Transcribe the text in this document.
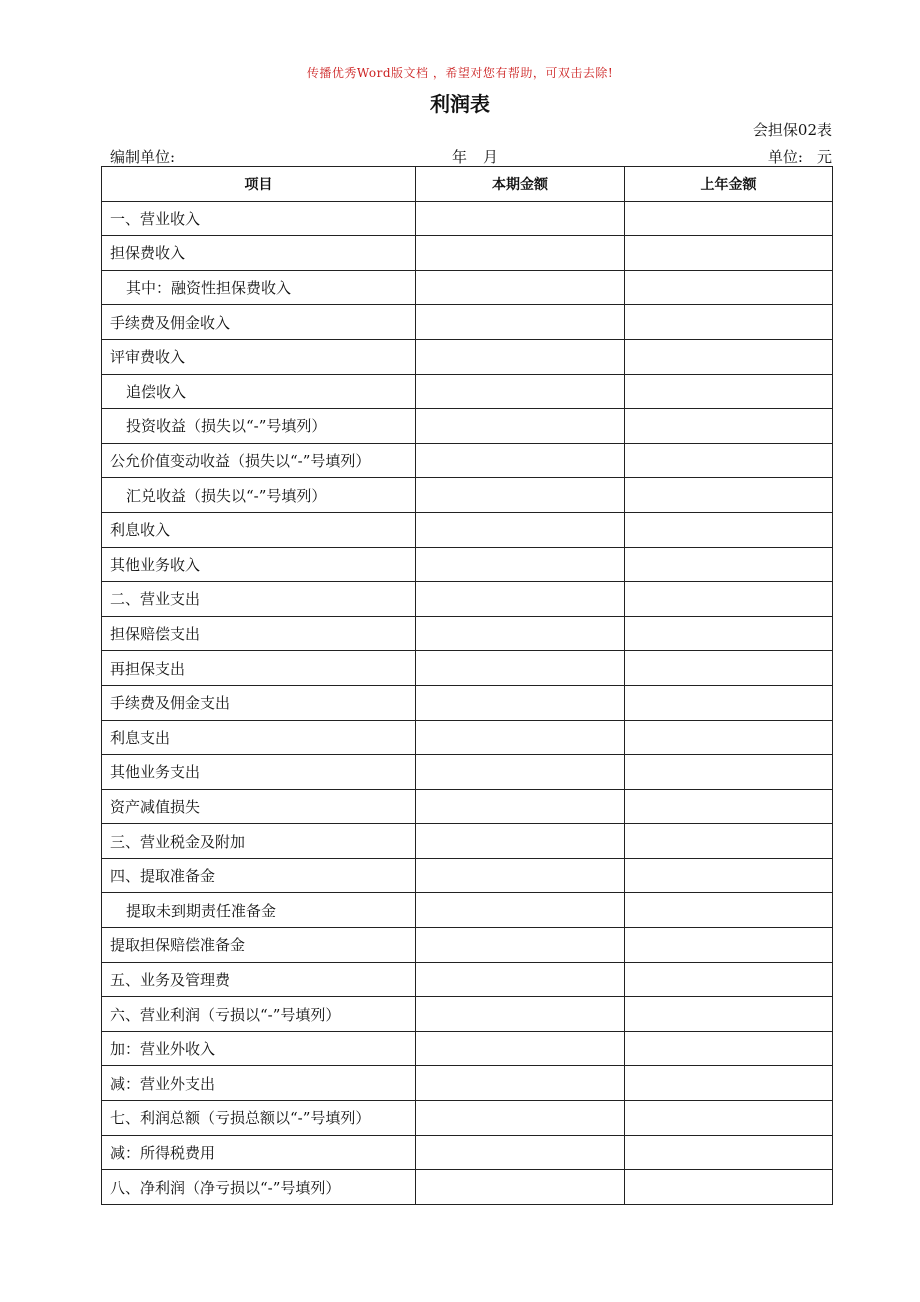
传播优秀Word版文档 ，希望对您有帮助，可双击去除!
利润表
会担保02表
编制单位:	年 月	单位: 元
项目	本期金额	上年金额
一、营业收入		
担保费收入		
其中：融资性担保费收入		
手续费及佣金收入		
评审费收入		
追偿收入		
投资收益（损失以“-”号填列）		
公允价值变动收益（损失以“-”号填列）		
汇兑收益（损失以“-”号填列）		
利息收入		
其他业务收入		
二、营业支出		
担保赔偿支出		
再担保支出		
手续费及佣金支出		
利息支出		
其他业务支出		
资产减值损失		
三、营业税金及附加		
四、提取准备金		
提取未到期责任准备金		
提取担保赔偿准备金		
五、业务及管理费		
六、营业利润（亏损以“-”号填列）		
加：营业外收入		
减：营业外支出		
七、利润总额（亏损总额以“-”号填列）		
减：所得税费用		
八、净利润（净亏损以“-”号填列）		
